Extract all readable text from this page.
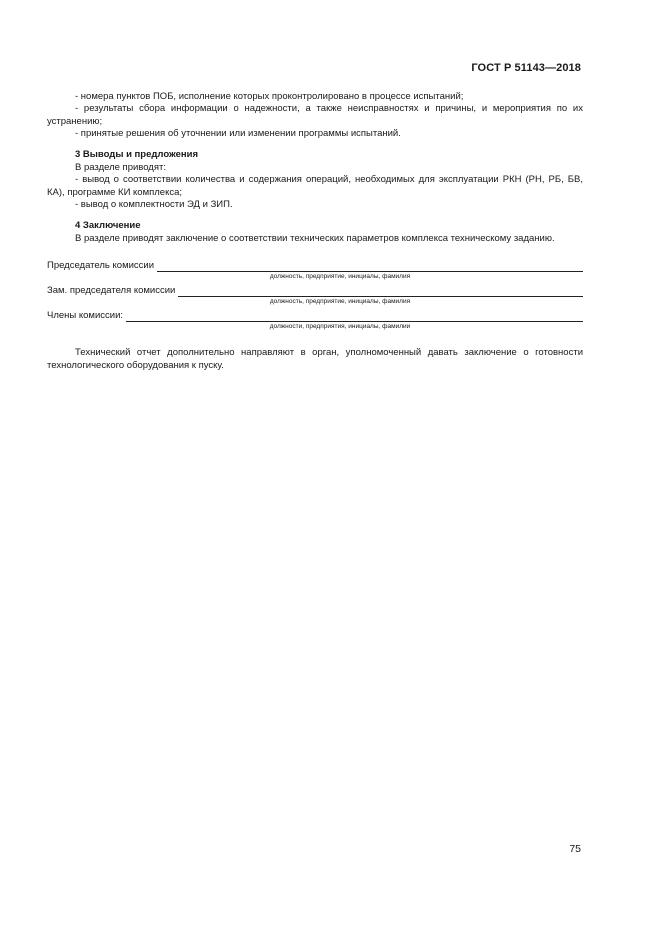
ГОСТ Р 51143—2018

- номера пунктов ПОБ, исполнение которых проконтролировано в процессе испытаний;

- результаты сбора информации о надежности, а также неисправностях и причины, и мероприятия по их устранению;

- принятые решения об уточнении или изменении программы испытаний.

3 Выводы и предложения

В разделе приводят:

- вывод о соответствии количества и содержания операций, необходимых для эксплуатации РКН (РН, РБ, БВ, КА), программе КИ комплекса;

- вывод о комплектности ЭД и ЗИП.

4 Заключение

В разделе приводят заключение о соответствии технических параметров комплекса техническому заданию.

Председатель комиссии
должность, предприятие, инициалы, фамилия
Зам. председателя комиссии
должность, предприятие, инициалы, фамилия
Члены комиссии:
должности, предприятия, инициалы, фамилии

Технический отчет дополнительно направляют в орган, уполномоченный давать заключение о готовности технологического оборудования к пуску.

75
